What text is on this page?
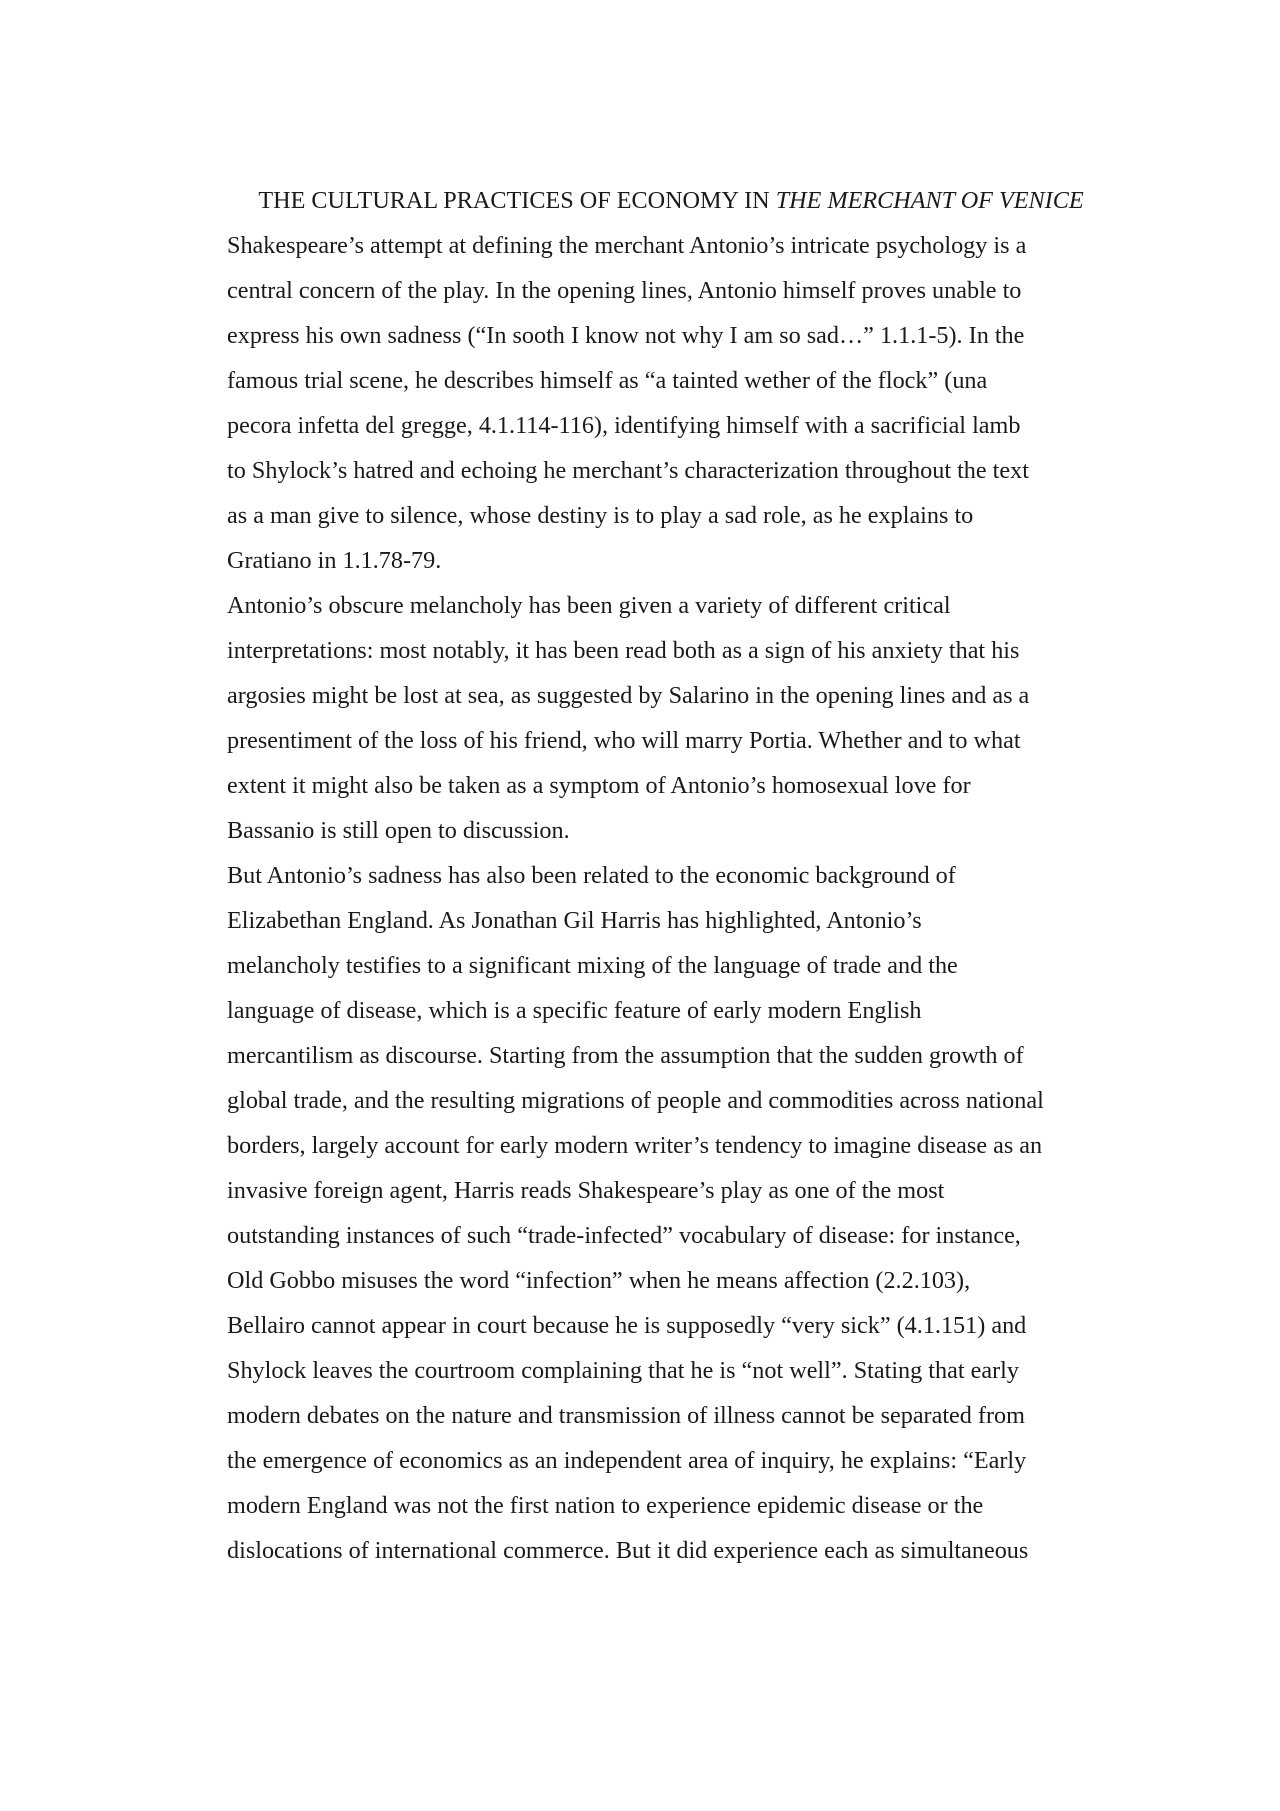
THE CULTURAL PRACTICES OF ECONOMY IN THE MERCHANT OF VENICE

Shakespeare’s attempt at defining the merchant Antonio’s intricate psychology is a
central concern of the play. In the opening lines, Antonio himself proves unable to
express his own sadness (“In sooth I know not why I am so sad…” 1.1.1-5). In the
famous trial scene, he describes himself as “a tainted wether of the flock” (una
pecora infetta del gregge, 4.1.114-116), identifying himself with a sacrificial lamb
to Shylock’s hatred and echoing he merchant’s characterization throughout the text
as a man give to silence, whose destiny is to play a sad role, as he explains to
Gratiano in 1.1.78-79.

Antonio’s obscure melancholy has been given a variety of different critical
interpretations: most notably, it has been read both as a sign of his anxiety that his
argosies might be lost at sea, as suggested by Salarino in the opening lines and as a
presentiment of the loss of his friend, who will marry Portia. Whether and to what
extent it might also be taken as a symptom of Antonio’s homosexual love for
Bassanio is still open to discussion.

But Antonio’s sadness has also been related to the economic background of
Elizabethan England. As Jonathan Gil Harris has highlighted, Antonio’s
melancholy testifies to a significant mixing of the language of trade and the
language of disease, which is a specific feature of early modern English
mercantilism as discourse. Starting from the assumption that the sudden growth of
global trade, and the resulting migrations of people and commodities across national
borders, largely account for early modern writer’s tendency to imagine disease as an
invasive foreign agent, Harris reads Shakespeare’s play as one of the most
outstanding instances of such “trade-infected” vocabulary of disease: for instance,
Old Gobbo misuses the word “infection” when he means affection (2.2.103),
Bellairo cannot appear in court because he is supposedly “very sick” (4.1.151) and
Shylock leaves the courtroom complaining that he is “not well”. Stating that early
modern debates on the nature and transmission of illness cannot be separated from
the emergence of economics as an independent area of inquiry, he explains: “Early
modern England was not the first nation to experience epidemic disease or the
dislocations of international commerce. But it did experience each as simultaneous
